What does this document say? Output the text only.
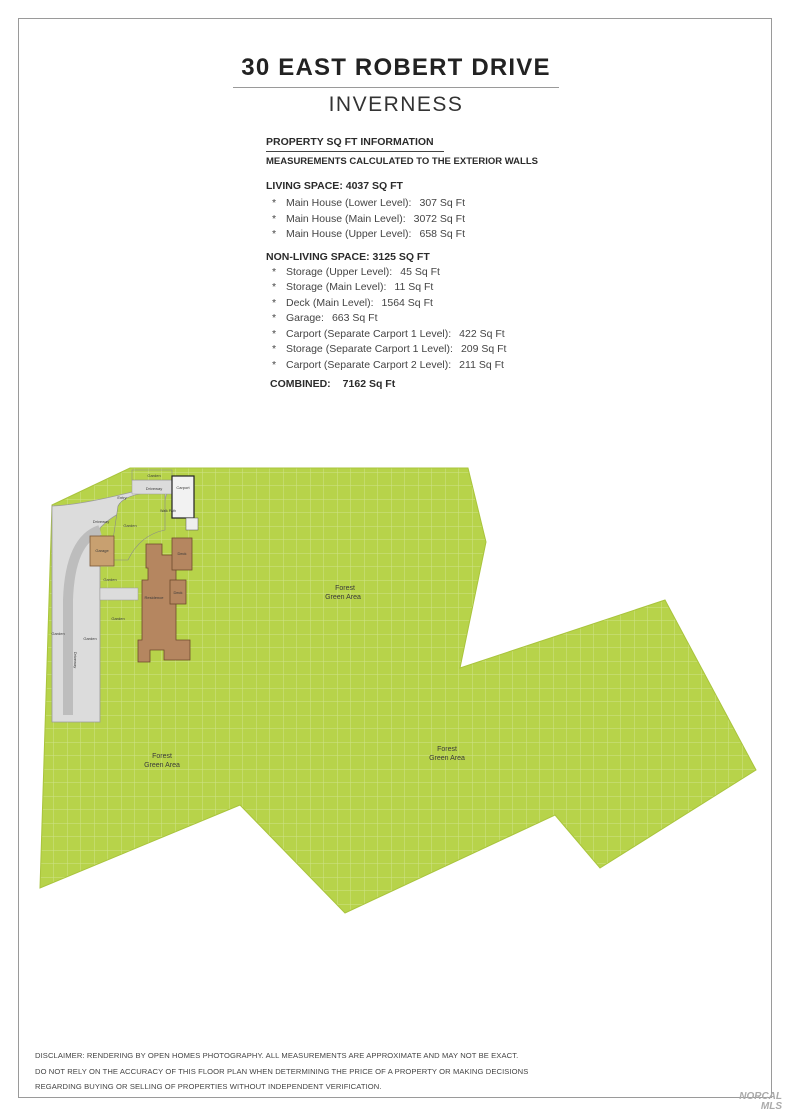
30 EAST ROBERT DRIVE
INVERNESS
PROPERTY SQ FT INFORMATION
MEASUREMENTS CALCULATED TO THE EXTERIOR WALLS
LIVING SPACE: 4037 SQ FT
* Main House (Lower Level): 307 Sq Ft
* Main House (Main Level): 3072 Sq Ft
* Main House (Upper Level): 658 Sq Ft
NON-LIVING SPACE: 3125 SQ FT
* Storage (Upper Level): 45 Sq Ft
* Storage (Main Level): 11 Sq Ft
* Deck (Main Level): 1564 Sq Ft
* Garage: 663 Sq Ft
* Carport (Separate Carport 1 Level): 422 Sq Ft
* Storage (Separate Carport 1 Level): 209 Sq Ft
* Carport (Separate Carport 2 Level): 211 Sq Ft
COMBINED: 7162 Sq Ft
Forest
Green Area
Forest
Green Area
Forest
Green Area
Garden
Driveway	Carport
Entry
Driveway
Garden
Garage
Garden
Residence
Deck
Deck
Walk Path
Garden
Garden
Garden
Driveway
DISCLAIMER: RENDERING BY OPEN HOMES PHOTOGRAPHY. ALL MEASUREMENTS ARE APPROXIMATE AND MAY NOT BE EXACT.
DO NOT RELY ON THE ACCURACY OF THIS FLOOR PLAN WHEN DETERMINING THE PRICE OF A PROPERTY OR MAKING DECISIONS
REGARDING BUYING OR SELLING OF PROPERTIES WITHOUT INDEPENDENT VERIFICATION.
NORCAL
MLS
